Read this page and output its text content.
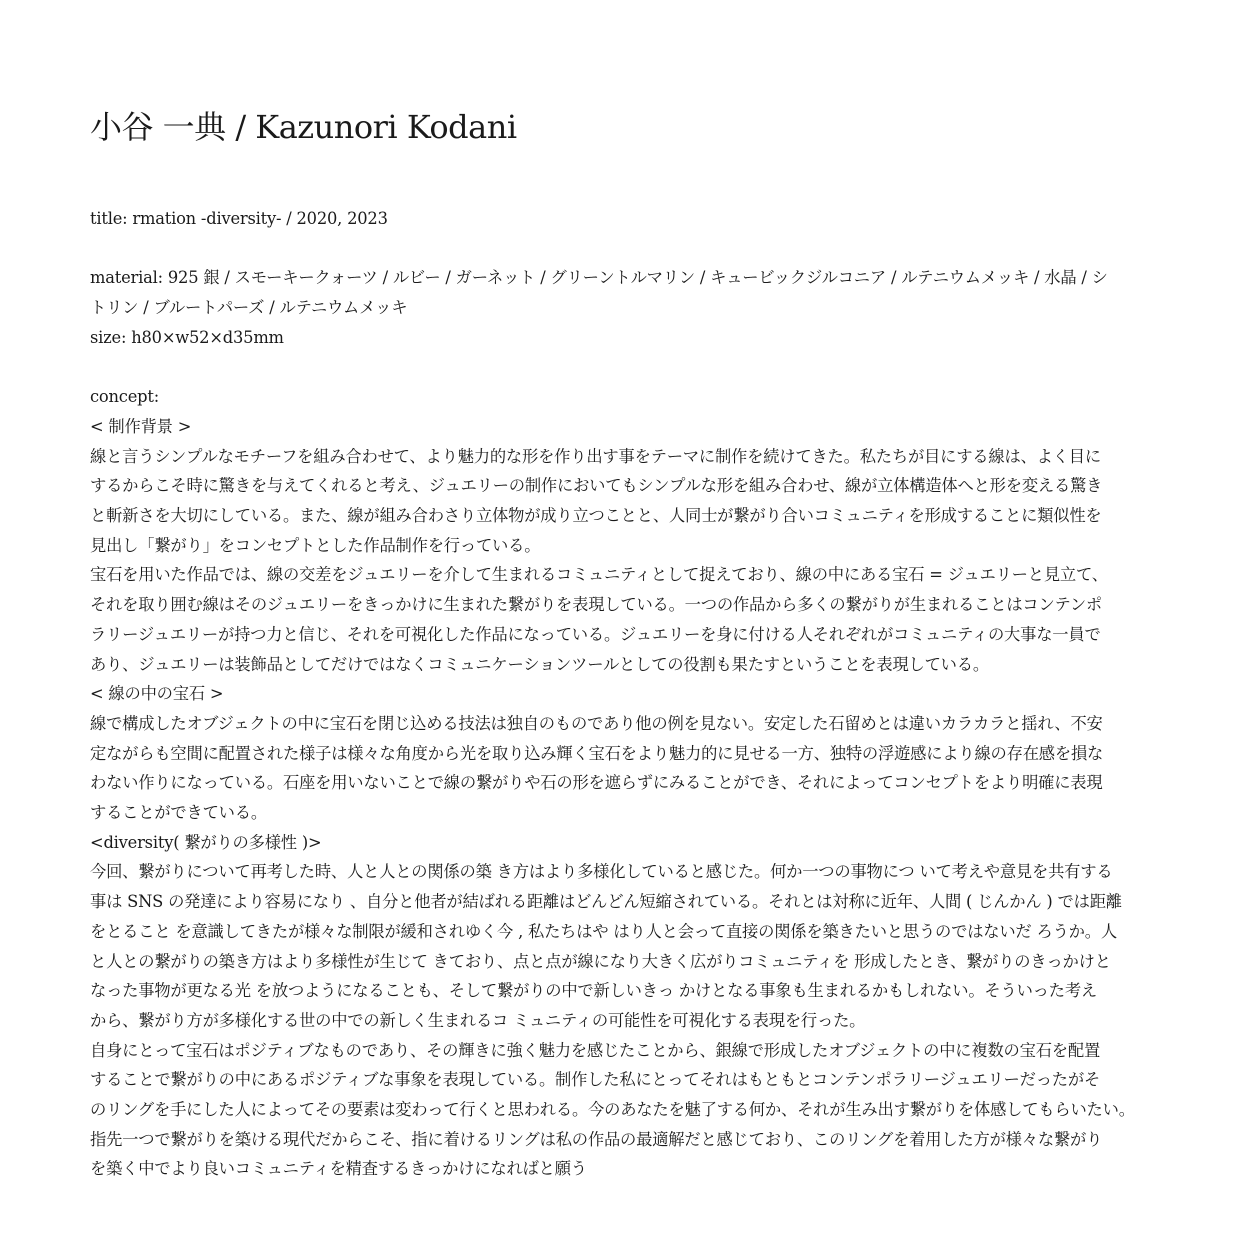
小谷 一典 / Kazunori Kodani
title: rmation -diversity- / 2020, 2023
material: 925 銀 / スモーキークォーツ / ルビー / ガーネット / グリーントルマリン / キュービックジルコニア / ルテニウムメッキ / 水晶 / シ
トリン / ブルートパーズ / ルテニウムメッキ
size: h80×w52×d35mm
concept:
< 制作背景 >
線と言うシンプルなモチーフを組み合わせて、より魅力的な形を作り出す事をテーマに制作を続けてきた。私たちが目にする線は、よく目に
するからこそ時に驚きを与えてくれると考え、ジュエリーの制作においてもシンプルな形を組み合わせ、線が立体構造体へと形を変える驚き
と斬新さを大切にしている。また、線が組み合わさり立体物が成り立つことと、人同士が繋がり合いコミュニティを形成することに類似性を
見出し「繋がり」をコンセプトとした作品制作を行っている。
宝石を用いた作品では、線の交差をジュエリーを介して生まれるコミュニティとして捉えており、線の中にある宝石 = ジュエリーと見立て、
それを取り囲む線はそのジュエリーをきっかけに生まれた繋がりを表現している。一つの作品から多くの繋がりが生まれることはコンテンポ
ラリージュエリーが持つ力と信じ、それを可視化した作品になっている。ジュエリーを身に付ける人それぞれがコミュニティの大事な一員で
あり、ジュエリーは装飾品としてだけではなくコミュニケーションツールとしての役割も果たすということを表現している。
< 線の中の宝石 >
線で構成したオブジェクトの中に宝石を閉じ込める技法は独自のものであり他の例を見ない。安定した石留めとは違いカラカラと揺れ、不安
定ながらも空間に配置された様子は様々な角度から光を取り込み輝く宝石をより魅力的に見せる一方、独特の浮遊感により線の存在感を損な
わない作りになっている。石座を用いないことで線の繋がりや石の形を遮らずにみることができ、それによってコンセプトをより明確に表現
することができている。
<diversity( 繋がりの多様性 )>
今回、繋がりについて再考した時、人と人との関係の築 き方はより多様化していると感じた。何か一つの事物につ いて考えや意見を共有する
事は SNS の発達により容易になり 、自分と他者が結ばれる距離はどんどん短縮されている。それとは対称に近年、人間 ( じんかん ) では距離
をとること を意識してきたが様々な制限が緩和されゆく今 , 私たちはや はり人と会って直接の関係を築きたいと思うのではないだ ろうか。人
と人との繋がりの築き方はより多様性が生じて きており、点と点が線になり大きく広がりコミュニティを 形成したとき、繋がりのきっかけと
なった事物が更なる光 を放つようになることも、そして繋がりの中で新しいきっ かけとなる事象も生まれるかもしれない。そういった考え
から、繋がり方が多様化する世の中での新しく生まれるコ ミュニティの可能性を可視化する表現を行った。
自身にとって宝石はポジティブなものであり、その輝きに強く魅力を感じたことから、銀線で形成したオブジェクトの中に複数の宝石を配置
することで繋がりの中にあるポジティブな事象を表現している。制作した私にとってそれはもともとコンテンポラリージュエリーだったがそ
のリングを手にした人によってその要素は変わって行くと思われる。今のあなたを魅了する何か、それが生み出す繋がりを体感してもらいたい。
指先一つで繋がりを築ける現代だからこそ、指に着けるリングは私の作品の最適解だと感じており、このリングを着用した方が様々な繋がり
を築く中でより良いコミュニティを精査するきっかけになればと願う
